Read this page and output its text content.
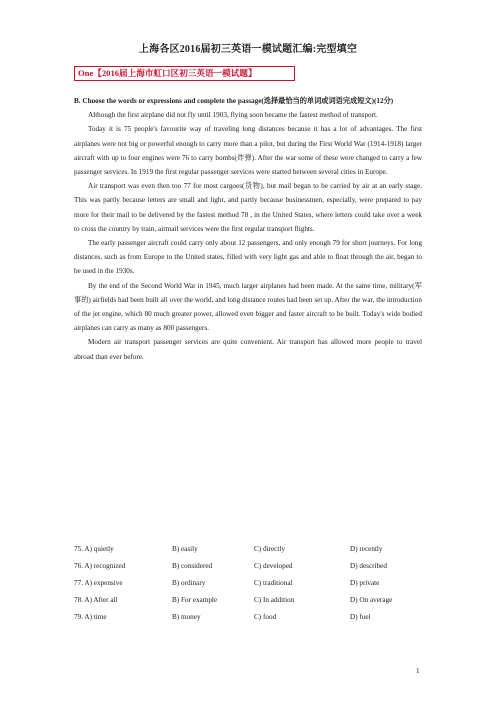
上海各区2016届初三英语一模试题汇编:完型填空
One【2016届上海市虹口区初三英语一模试题】

B. Choose the words or expressions and complete the passage(选择最恰当的单词或词语完成短文)(12分)

Although the first airplane did not fly until 1903, flying soon became the fastest method of transport.

Today it is 75 people's favourite way of traveling long distances because it has a lot of advantages. The first airplanes were not big or powerful enough to carry more than a pilot, but during the First World War (1914-1918) larger aircraft with up to four engines were 76 to carry bombs(炸弹). After the war some of these were changed to carry a few passenger services. In 1919 the first regular passenger services were started between several cities in Europe.

Air transport was even then too 77 for most cargoes(货物), but mail began to be carried by air at an early stage. This was partly because letters are small and light, and partly because businessmen, especially, were prepared to pay more for their mail to be delivered by the fastest method 78 , in the United States, where letters could take over a week to cross the country by train, airmail services were the first regular transport flights.

The early passenger aircraft could carry only about 12 passengers, and only enough 79 for short journeys. For long distances, such as from Europe to the United states, filled with very light gas and able to float through the air, began to be used in the 1930s.

By the end of the Second World War in 1945, much larger airplanes had been made. At the same time, military(军事的) airfields had been built all over the world, and long distance routes had been set up. After the war, the introduction of the jet engine, which 80 much greater power, allowed even bigger and faster aircraft to be built. Today's wide bodied airplanes can carry as many as 800 passengers.

Modern air transport passenger services are quite convenient. Air transport has allowed more people to travel abroad than ever before.

75. A) quietly	B) easily	C) directly	D) recently
76. A) recognized	B) considered	C) developed	D) described
77. A) expensive	B) ordinary	C) traditional	D) private
78. A) After all	B) For example	C) In addition	D) On average
79. A) time	B) money	C) food	D) fuel
1
